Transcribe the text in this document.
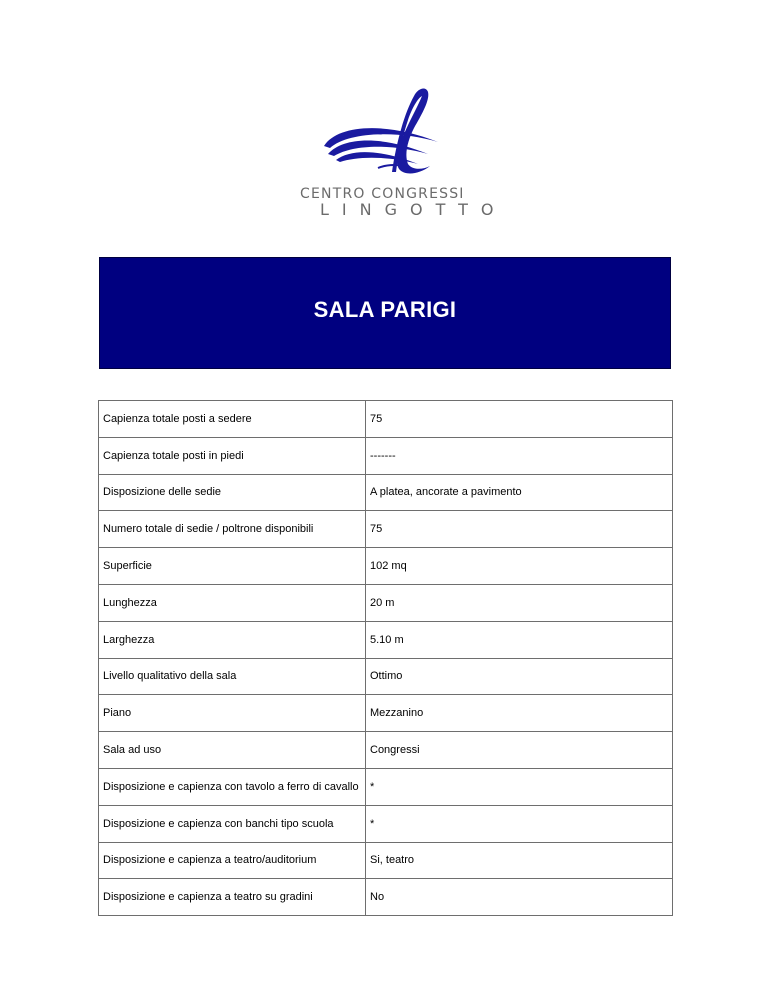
CENTRO CONGRESSI
LINGOTTO
SALA PARIGI
Capienza totale posti a sedere	75
Capienza totale posti in piedi	-------
Disposizione delle sedie	A platea, ancorate a pavimento
Numero totale di sedie / poltrone disponibili	75
Superficie	102 mq
Lunghezza	20 m
Larghezza	5.10 m
Livello qualitativo della sala	Ottimo
Piano	Mezzanino
Sala ad uso	Congressi
Disposizione e capienza con tavolo a ferro di cavallo	*
Disposizione e capienza con banchi tipo scuola	*
Disposizione e capienza a teatro/auditorium	Si, teatro
Disposizione e capienza a teatro su gradini	No
